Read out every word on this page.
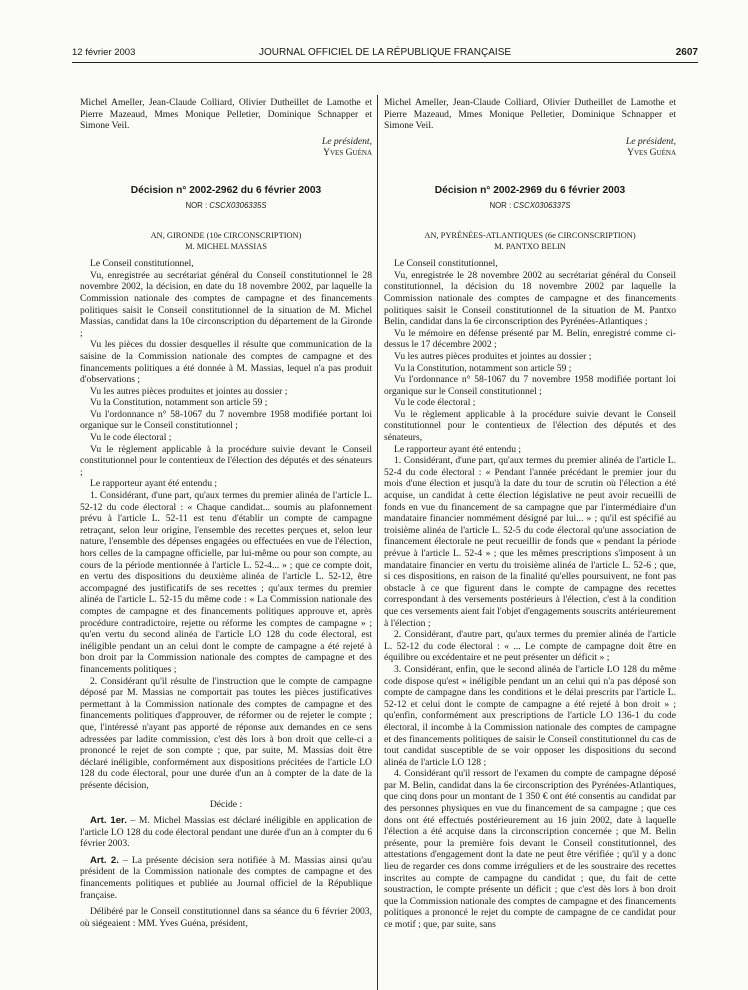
12 février 2003	JOURNAL OFFICIEL DE LA RÉPUBLIQUE FRANÇAISE	2607

Michel Ameller, Jean-Claude Colliard, Olivier Dutheillet de Lamothe et Pierre Mazeaud, Mmes Monique Pelletier, Dominique Schnapper et Simone Veil.

Le président,
Yves Guéna
Décision n° 2002-2962 du 6 février 2003
NOR : CSCX0306335S
AN, GIRONDE (10e CIRCONSCRIPTION)
M. MICHEL MASSIAS

Le Conseil constitutionnel,

Vu, enregistrée au secrétariat général du Conseil constitutionnel le 28 novembre 2002, la décision, en date du 18 novembre 2002, par laquelle la Commission nationale des comptes de campagne et des financements politiques saisit le Conseil constitutionnel de la situation de M. Michel Massias, candidat dans la 10e circonscription du département de la Gironde ;

Vu les pièces du dossier desquelles il résulte que communication de la saisine de la Commission nationale des comptes de campagne et des financements politiques a été donnée à M. Massias, lequel n'a pas produit d'observations ;

Vu les autres pièces produites et jointes au dossier ;

Vu la Constitution, notamment son article 59 ;

Vu l'ordonnance n° 58-1067 du 7 novembre 1958 modifiée portant loi organique sur le Conseil constitutionnel ;

Vu le code électoral ;

Vu le règlement applicable à la procédure suivie devant le Conseil constitutionnel pour le contentieux de l'élection des députés et des sénateurs ;

Le rapporteur ayant été entendu ;

1. Considérant, d'une part, qu'aux termes du premier alinéa de l'article L. 52-12 du code électoral : « Chaque candidat... soumis au plafonnement prévu à l'article L. 52-11 est tenu d'établir un compte de campagne retraçant, selon leur origine, l'ensemble des recettes perçues et, selon leur nature, l'ensemble des dépenses engagées ou effectuées en vue de l'élection, hors celles de la campagne officielle, par lui-même ou pour son compte, au cours de la période mentionnée à l'article L. 52-4... » ; que ce compte doit, en vertu des dispositions du deuxième alinéa de l'article L. 52-12, être accompagné des justificatifs de ses recettes ; qu'aux termes du premier alinéa de l'article L. 52-15 du même code : « La Commission nationale des comptes de campagne et des financements politiques approuve et, après procédure contradictoire, rejette ou réforme les comptes de campagne » ; qu'en vertu du second alinéa de l'article LO 128 du code électoral, est inéligible pendant un an celui dont le compte de campagne a été rejeté à bon droit par la Commission nationale des comptes de campagne et des financements politiques ;

2. Considérant qu'il résulte de l'instruction que le compte de campagne déposé par M. Massias ne comportait pas toutes les pièces justificatives permettant à la Commission nationale des comptes de campagne et des financements politiques d'approuver, de réformer ou de rejeter le compte ; que, l'intéressé n'ayant pas apporté de réponse aux demandes en ce sens adressées par ladite commission, c'est dès lors à bon droit que celle-ci a prononcé le rejet de son compte ; que, par suite, M. Massias doit être déclaré inéligible, conformément aux dispositions précitées de l'article LO 128 du code électoral, pour une durée d'un an à compter de la date de la présente décision,

Décide :

Art. 1er. – M. Michel Massias est déclaré inéligible en application de l'article LO 128 du code électoral pendant une durée d'un an à compter du 6 février 2003.

Art. 2. – La présente décision sera notifiée à M. Massias ainsi qu'au président de la Commission nationale des comptes de campagne et des financements politiques et publiée au Journal officiel de la République française.

Délibéré par le Conseil constitutionnel dans sa séance du 6 février 2003, où siégeaient : MM. Yves Guéna, président,

Michel Ameller, Jean-Claude Colliard, Olivier Dutheillet de Lamothe et Pierre Mazeaud, Mmes Monique Pelletier, Dominique Schnapper et Simone Veil.

Le président,
Yves Guéna
Décision n° 2002-2969 du 6 février 2003
NOR : CSCX0306337S
AN, PYRÉNÉES-ATLANTIQUES (6e CIRCONSCRIPTION)
M. PANTXO BELIN

Le Conseil constitutionnel,

Vu, enregistrée le 28 novembre 2002 au secrétariat général du Conseil constitutionnel, la décision du 18 novembre 2002 par laquelle la Commission nationale des comptes de campagne et des financements politiques saisit le Conseil constitutionnel de la situation de M. Pantxo Belin, candidat dans la 6e circonscription des Pyrénées-Atlantiques ;

Vu le mémoire en défense présenté par M. Belin, enregistré comme ci-dessus le 17 décembre 2002 ;

Vu les autres pièces produites et jointes au dossier ;

Vu la Constitution, notamment son article 59 ;

Vu l'ordonnance n° 58-1067 du 7 novembre 1958 modifiée portant loi organique sur le Conseil constitutionnel ;

Vu le code électoral ;

Vu le règlement applicable à la procédure suivie devant le Conseil constitutionnel pour le contentieux de l'élection des députés et des sénateurs,

Le rapporteur ayant été entendu ;

1. Considérant, d'une part, qu'aux termes du premier alinéa de l'article L. 52-4 du code électoral : « Pendant l'année précédant le premier jour du mois d'une élection et jusqu'à la date du tour de scrutin où l'élection a été acquise, un candidat à cette élection législative ne peut avoir recueilli de fonds en vue du financement de sa campagne que par l'intermédiaire d'un mandataire financier nommément désigné par lui... » ; qu'il est spécifié au troisième alinéa de l'article L. 52-5 du code électoral qu'une association de financement électorale ne peut recueillir de fonds que « pendant la période prévue à l'article L. 52-4 » ; que les mêmes prescriptions s'imposent à un mandataire financier en vertu du troisième alinéa de l'article L. 52-6 ; que, si ces dispositions, en raison de la finalité qu'elles poursuivent, ne font pas obstacle à ce que figurent dans le compte de campagne des recettes correspondant à des versements postérieurs à l'élection, c'est à la condition que ces versements aient fait l'objet d'engagements souscrits antérieurement à l'élection ;

2. Considérant, d'autre part, qu'aux termes du premier alinéa de l'article L. 52-12 du code électoral : « ... Le compte de campagne doit être en équilibre ou excédentaire et ne peut présenter un déficit » ;

3. Considérant, enfin, que le second alinéa de l'article LO 128 du même code dispose qu'est « inéligible pendant un an celui qui n'a pas déposé son compte de campagne dans les conditions et le délai prescrits par l'article L. 52-12 et celui dont le compte de campagne a été rejeté à bon droit » ; qu'enfin, conformément aux prescriptions de l'article LO 136-1 du code électoral, il incombe à la Commission nationale des comptes de campagne et des financements politiques de saisir le Conseil constitutionnel du cas de tout candidat susceptible de se voir opposer les dispositions du second alinéa de l'article LO 128 ;

4. Considérant qu'il ressort de l'examen du compte de campagne déposé par M. Belin, candidat dans la 6e circonscription des Pyrénées-Atlantiques, que cinq dons pour un montant de 1 350 € ont été consentis au candidat par des personnes physiques en vue du financement de sa campagne ; que ces dons ont été effectués postérieurement au 16 juin 2002, date à laquelle l'élection a été acquise dans la circonscription concernée ; que M. Belin présente, pour la première fois devant le Conseil constitutionnel, des attestations d'engagement dont la date ne peut être vérifiée ; qu'il y a donc lieu de regarder ces dons comme irréguliers et de les soustraire des recettes inscrites au compte de campagne du candidat ; que, du fait de cette soustraction, le compte présente un déficit ; que c'est dès lors à bon droit que la Commission nationale des comptes de campagne et des financements politiques a prononcé le rejet du compte de campagne de ce candidat pour ce motif ; que, par suite, sans
